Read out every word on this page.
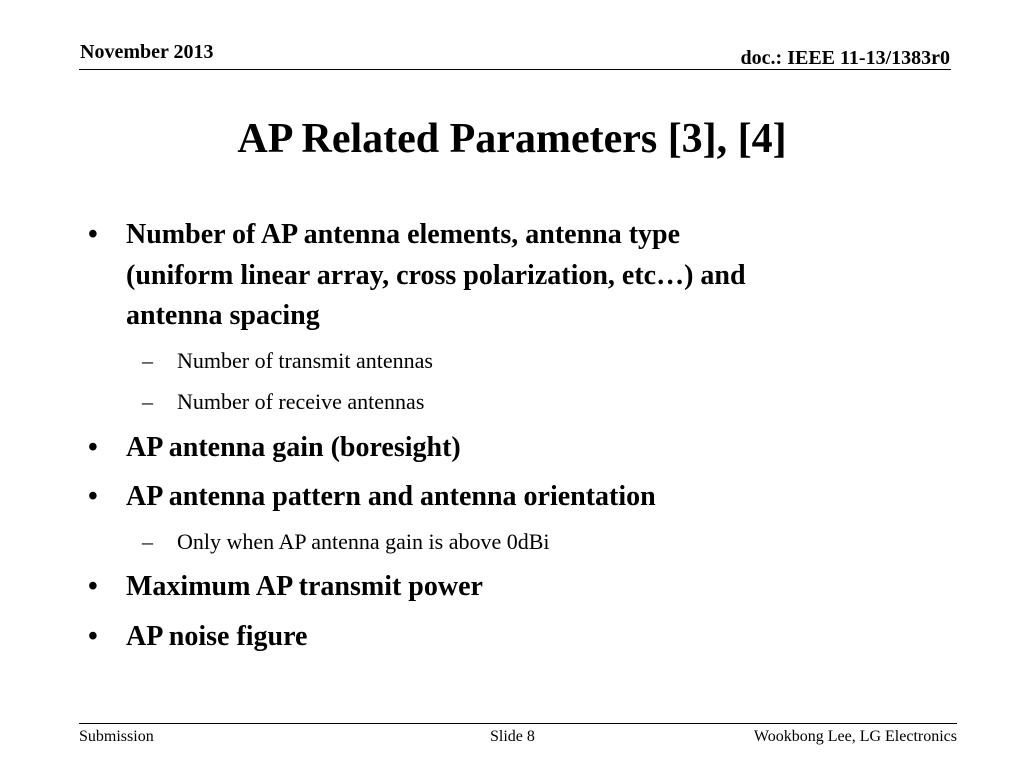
November 2013	doc.: IEEE 11-13/1383r0
AP Related Parameters [3], [4]
• Number of AP antenna elements, antenna type
(uniform linear array, cross polarization, etc…) and
antenna spacing
– Number of transmit antennas
– Number of receive antennas
• AP antenna gain (boresight)
• AP antenna pattern and antenna orientation
– Only when AP antenna gain is above 0dBi
• Maximum AP transmit power
• AP noise figure
Submission	Slide 8	Wookbong Lee, LG Electronics
